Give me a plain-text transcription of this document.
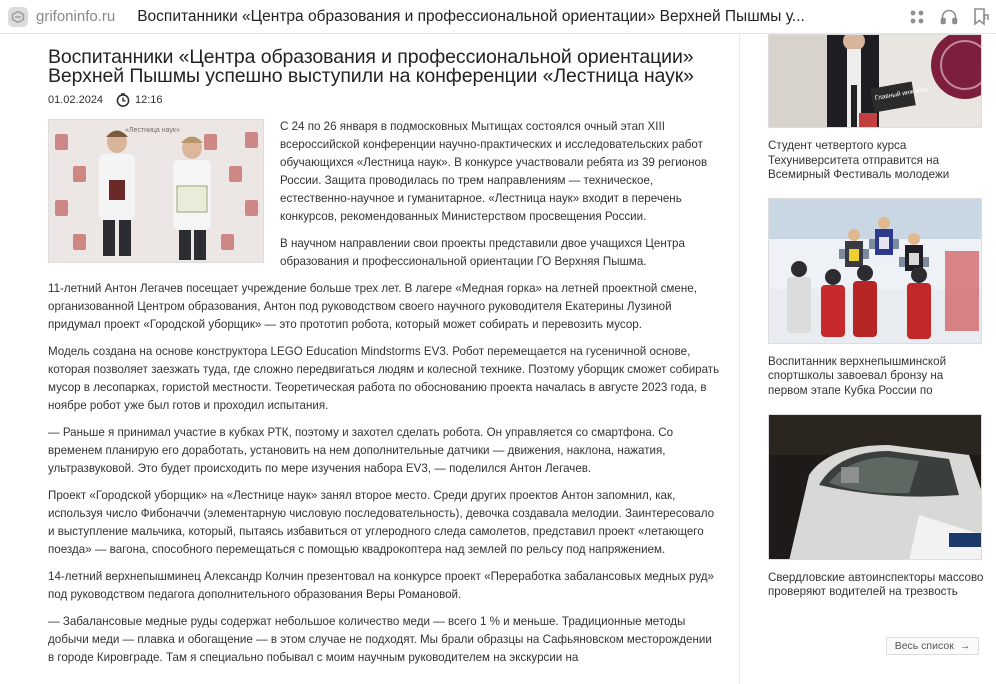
grifoninfo.ru Воспитанники «Центра образования и профессиональной ориентации» Верхней Пышмы у...	1
Воспитанники «Центра образования и профессиональной ориентации» Верхней Пышмы успешно выступили на конференции «Лестница наук»
01.02.2024	12:16
«Лестница наук»	С 24 по 26 января в подмосковных Мытищах состоялся очный этап XIII всероссийской конференции научно-практических и исследовательских работ обучающихся «Лестница наук». В конкурсе участвовали ребята из 39 регионов России. Защита проводилась по трем направлениям — техническое, естественно-научное и гуманитарное. «Лестница наук» входит в перечень конкурсов, рекомендованных Министерством просвещения России.

В научном направлении свои проекты представили двое учащихся Центра образования и профессиональной ориентации ГО Верхняя Пышма.

11-летний Антон Легачев посещает учреждение больше трех лет. В лагере «Медная горка» на летней проектной смене, организованной Центром образования, Антон под руководством своего научного руководителя Екатерины Лузиной придумал проект «Городской уборщик» — это прототип робота, который может собирать и перевозить мусор.

Модель создана на основе конструктора LEGO Education Mindstorms EV3. Робот перемещается на гусеничной основе, которая позволяет заезжать туда, где сложно передвигаться людям и колесной технике. Поэтому уборщик сможет собирать мусор в лесопарках, гористой местности. Теоретическая работа по обоснованию проекта началась в августе 2023 года, в ноябре робот уже был готов и проходил испытания.

— Раньше я принимал участие в кубках РТК, поэтому и захотел сделать робота. Он управляется со смартфона. Со временем планирую его доработать, установить на нем дополнительные датчики — движения, наклона, нажатия, ультразвуковой. Это будет происходить по мере изучения набора EV3, — поделился Антон Легачев.

Проект «Городской уборщик» на «Лестнице наук» занял второе место. Среди других проектов Антон запомнил, как, используя число Фибоначчи (элементарную числовую последовательность), девочка создавала мелодии. Заинтересовало и выступление мальчика, который, пытаясь избавиться от углеродного следа самолетов, представил проект «летающего поезда» — вагона, способного перемещаться с помощью квадрокоптера над землей по рельсу под напряжением.

14-летний верхнепышминец Александр Колчин презентовал на конкурсе проект «Переработка забалансовых медных руд» под руководством педагога дополнительного образования Веры Романовой.

— Забалансовые медные руды содержат небольшое количество меди — всего 1 % и меньше. Традиционные методы добычи меди — плавка и обогащение — в этом случае не подходят. Мы брали образцы на Сафьяновском месторождении в городе Кировграде. Там я специально побывал с моим научным руководителем на экскурсии на

Главный инженер
Студент четвертого курса Техуниверситета отправится на Всемирный Фестиваль молодежи
Воспитанник верхнепышминской спортшколы завоевал бронзу на первом этапе Кубка России по
Свердловские автоинспекторы массово проверяют водителей на трезвость
Весь список →
